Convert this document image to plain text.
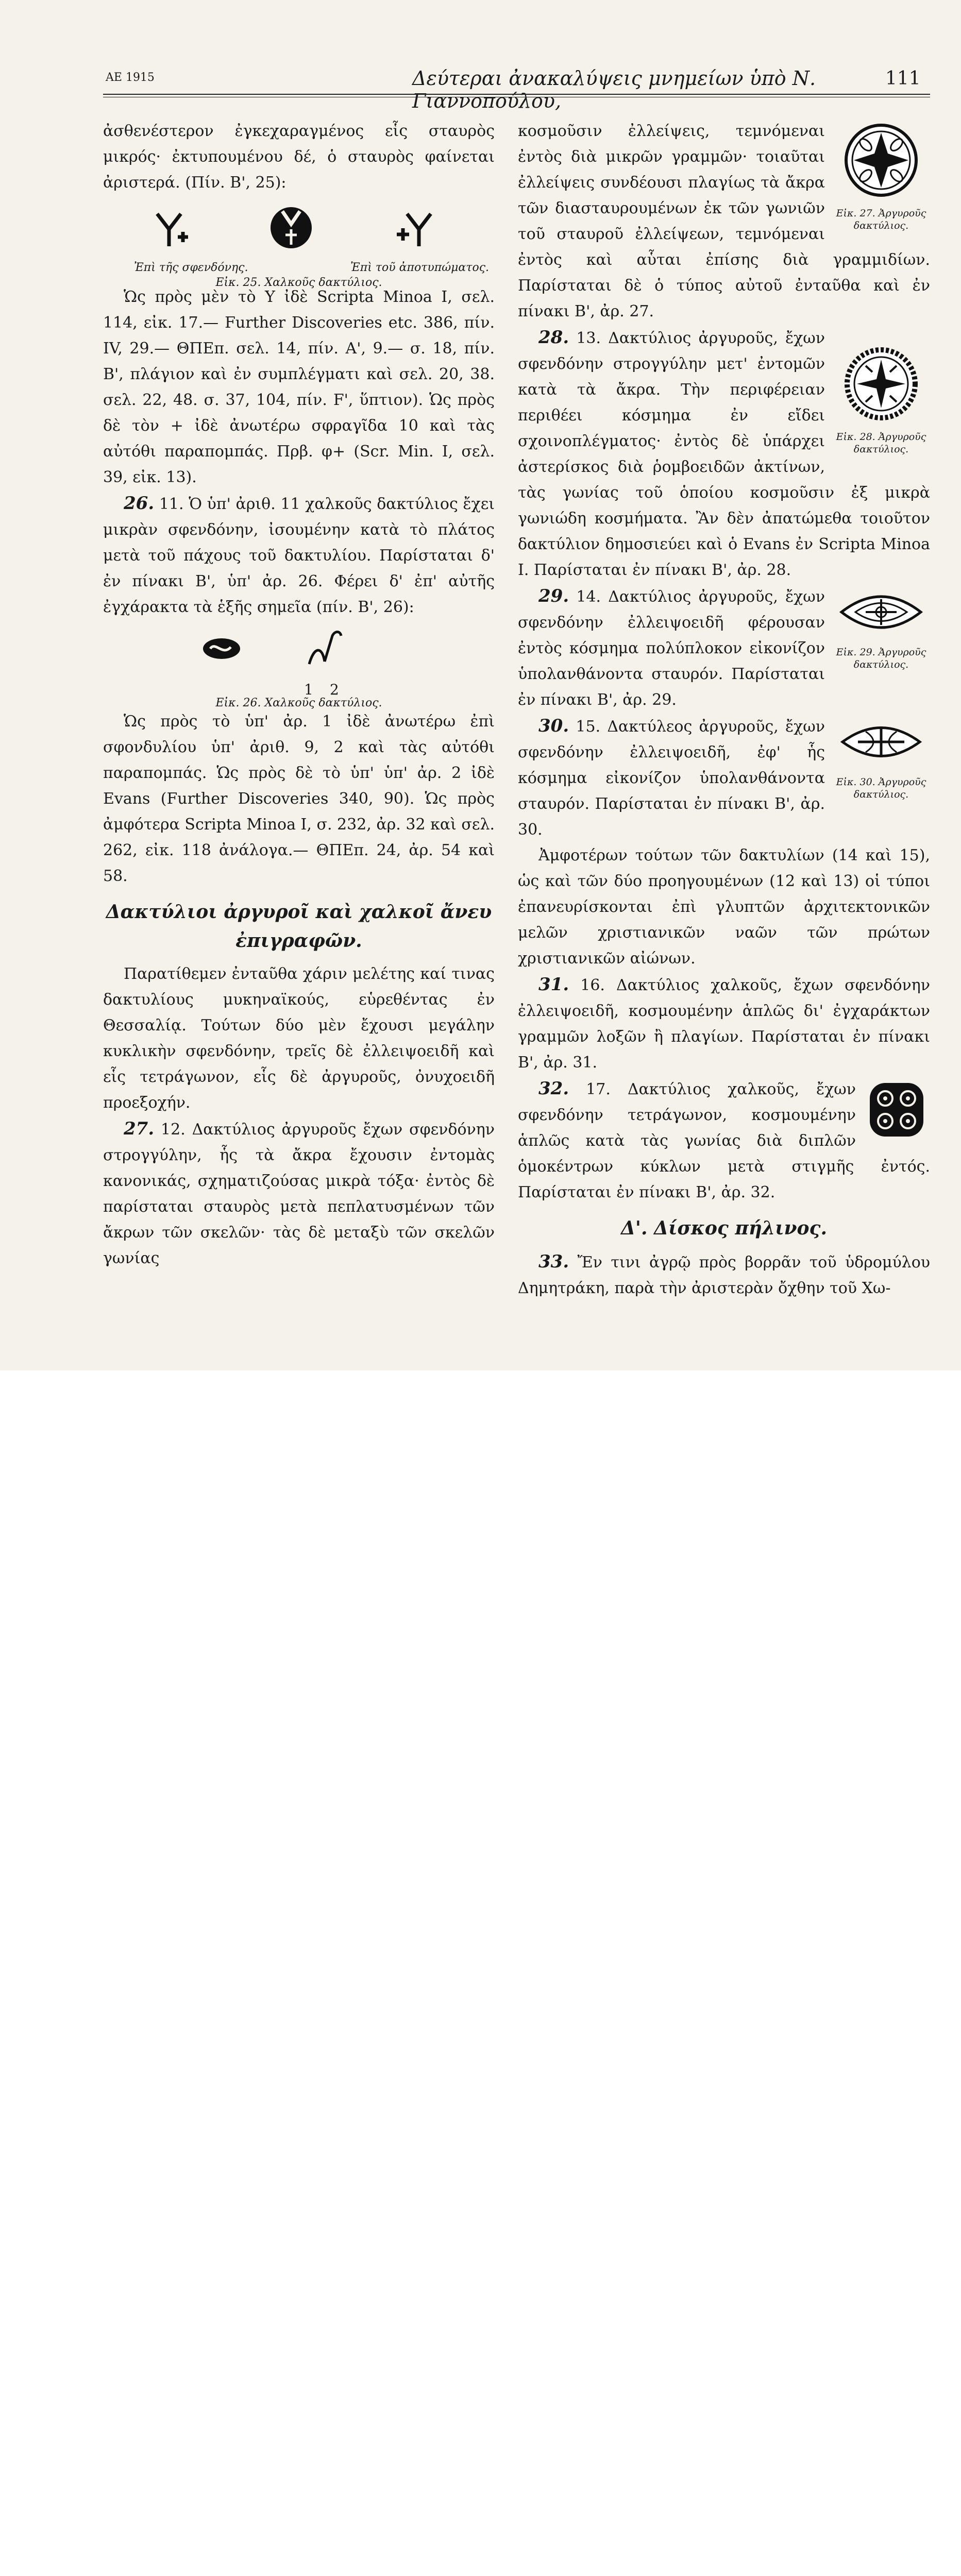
AE 1915	Δεύτεραι ἀνακαλύψεις μνημείων ὑπὸ Ν. Γιαννοπούλου,
111

ἀσθενέστερον ἐγκεχαραγμένος εἷς σταυρὸς μικρός· ἐκτυπουμένου δέ, ὁ σταυρὸς φαίνεται ἀριστερά. (Πίν. Β', 25):

Ἐπὶ τῆς σφενδόνης.	Ἐπὶ τοῦ ἀποτυπώματος.
Εἰκ. 25. Χαλκοῦς δακτύλιος.

Ὡς πρὸς μὲν τὸ Y ἰδὲ Scripta Minoa I, σελ. 114, εἰκ. 17.— Further Discoveries etc. 386, πίν. IV, 29.— ΘΠΕπ. σελ. 14, πίν. Α', 9.— σ. 18, πίν. Β', πλάγιον καὶ ἐν συμπλέγματι καὶ σελ. 20, 38. σελ. 22, 48. σ. 37, 104, πίν. F', ὕπτιον). Ὡς πρὸς δὲ τὸν + ἰδὲ ἀνωτέρω σφραγῖδα 10 καὶ τὰς αὐτόθι παραπομπάς. Πρβ. φ+ (Scr. Min. I, σελ. 39, εἰκ. 13).

26. 11. Ὁ ὑπ' ἀριθ. 11 χαλκοῦς δακτύλιος ἔχει μικρὰν σφενδόνην, ἰσουμένην κατὰ τὸ πλάτος μετὰ τοῦ πάχους τοῦ δακτυλίου. Παρίσταται δ' ἐν πίνακι Β', ὑπ' ἀρ. 26. Φέρει δ' ἐπ' αὐτῆς ἐγχάρακτα τὰ ἑξῆς σημεῖα (πίν. Β', 26):

1 2
Εἰκ. 26. Χαλκοῦς δακτύλιος.

Ὡς πρὸς τὸ ὑπ' ἀρ. 1 ἰδὲ ἀνωτέρω ἐπὶ σφονδυλίου ὑπ' ἀριθ. 9, 2 καὶ τὰς αὐτόθι παραπομπάς. Ὡς πρὸς δὲ τὸ ὑπ' ὑπ' ἀρ. 2 ἰδὲ Evans (Further Discoveries 340, 90). Ὡς πρὸς ἀμφότερα Scripta Minoa I, σ. 232, ἀρ. 32 καὶ σελ. 262, εἰκ. 118 ἀνάλογα.— ΘΠΕπ. 24, ἀρ. 54 καὶ 58.

Δακτύλιοι ἀργυροῖ καὶ χαλκοῖ ἄνευ ἐπιγραφῶν.

Παρατίθεμεν ἐνταῦθα χάριν μελέτης καί τινας δακτυλίους μυκηναϊκούς, εὑρεθέντας ἐν Θεσσαλίᾳ. Τούτων δύο μὲν ἔχουσι μεγάλην κυκλικὴν σφενδόνην, τρεῖς δὲ ἐλλειψοειδῆ καὶ εἷς τετράγωνον, εἷς δὲ ἀργυροῦς, ὀνυχοειδῆ προεξοχήν.

27. 12. Δακτύλιος ἀργυροῦς ἔχων σφενδόνην στρογγύλην, ἧς τὰ ἄκρα ἔχουσιν ἐντομὰς κανονικάς, σχηματιζούσας μικρὰ τόξα· ἐντὸς δὲ παρίσταται σταυρὸς μετὰ πεπλατυσμένων τῶν ἄκρων τῶν σκελῶν· τὰς δὲ μεταξὺ τῶν σκελῶν γωνίας

Εἰκ. 27. Ἀργυροῦς δακτύλιος.

κοσμοῦσιν ἐλλείψεις, τεμνόμεναι ἐντὸς διὰ μικρῶν γραμμῶν· τοιαῦται ἐλλείψεις συνδέουσι πλαγίως τὰ ἄκρα τῶν διασταυρουμένων ἐκ τῶν γωνιῶν τοῦ σταυροῦ ἐλλείψεων, τεμνόμεναι ἐντὸς καὶ αὗται ἐπίσης διὰ γραμμιδίων. Παρίσταται δὲ ὁ τύπος αὐτοῦ ἐνταῦθα καὶ ἐν πίνακι Β', ἀρ. 27.

Εἰκ. 28. Ἀργυροῦς δακτύλιος.

28. 13. Δακτύλιος ἀργυροῦς, ἔχων σφενδόνην στρογγύλην μετ' ἐντομῶν κατὰ τὰ ἄκρα. Τὴν περιφέρειαν περιθέει κόσμημα ἐν εἴδει σχοινοπλέγματος· ἐντὸς δὲ ὑπάρχει ἀστερίσκος διὰ ῥομβοειδῶν ἀκτίνων, τὰς γωνίας τοῦ ὁποίου κοσμοῦσιν ἐξ μικρὰ γωνιώδη κοσμήματα. Ἂν δὲν ἀπατώμεθα τοιοῦτον δακτύλιον δημοσιεύει καὶ ὁ Evans ἐν Scripta Minoa I. Παρίσταται ἐν πίνακι Β', ἀρ. 28.

Εἰκ. 29. Ἀργυροῦς δακτύλιος.

29. 14. Δακτύλιος ἀργυροῦς, ἔχων σφενδόνην ἐλλειψοειδῆ φέρουσαν ἐντὸς κόσμημα πολύπλοκον εἰκονίζον ὑπολανθάνοντα σταυρόν. Παρίσταται ἐν πίνακι Β', ἀρ. 29.

Εἰκ. 30. Ἀργυροῦς δακτύλιος.

30. 15. Δακτύλεος ἀργυροῦς, ἔχων σφενδόνην ἐλλειψοειδῆ, ἐφ' ἧς κόσμημα εἰκονίζον ὑπολανθάνοντα σταυρόν. Παρίσταται ἐν πίνακι Β', ἀρ. 30.

Ἀμφοτέρων τούτων τῶν δακτυλίων (14 καὶ 15), ὡς καὶ τῶν δύο προηγουμένων (12 καὶ 13) οἱ τύποι ἐπανευρίσκονται ἐπὶ γλυπτῶν ἀρχιτεκτονικῶν μελῶν χριστιανικῶν ναῶν τῶν πρώτων χριστιανικῶν αἰώνων.

31. 16. Δακτύλιος χαλκοῦς, ἔχων σφενδόνην ἐλλειψοειδῆ, κοσμουμένην ἁπλῶς δι' ἐγχαράκτων γραμμῶν λοξῶν ἢ πλαγίων. Παρίσταται ἐν πίνακι Β', ἀρ. 31.

32. 17. Δακτύλιος χαλκοῦς, ἔχων σφενδόνην τετράγωνον, κοσμουμένην ἁπλῶς κατὰ τὰς γωνίας διὰ διπλῶν ὁμοκέντρων κύκλων μετὰ στιγμῆς ἐντός. Παρίσταται ἐν πίνακι Β', ἀρ. 32.

Δ'. Δίσκος πήλινος.

33. Ἔν τινι ἀγρῷ πρὸς βορρᾶν τοῦ ὑδρομύλου Δημητράκη, παρὰ τὴν ἀριστερὰν ὄχθην τοῦ Χω-
